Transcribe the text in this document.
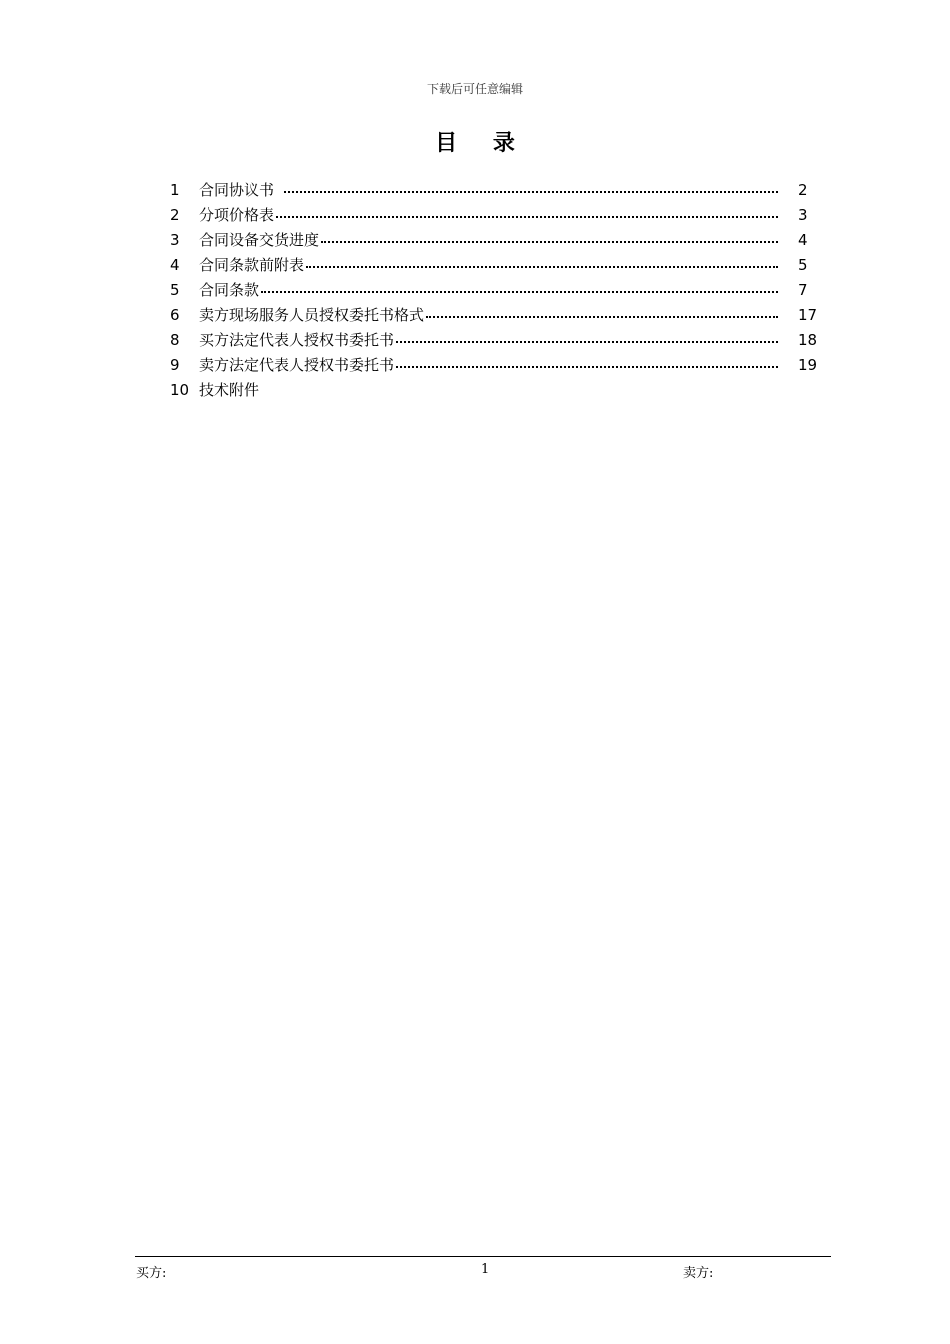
下载后可任意编辑
目 录
1	合同协议书	2
2	分项价格表	3
3	合同设备交货进度	4
4	合同条款前附表	5
5	合同条款	7
6	卖方现场服务人员授权委托书格式	17
8	买方法定代表人授权书委托书	18
9	卖方法定代表人授权书委托书	19
10 技术附件
买方:	1	卖方:
